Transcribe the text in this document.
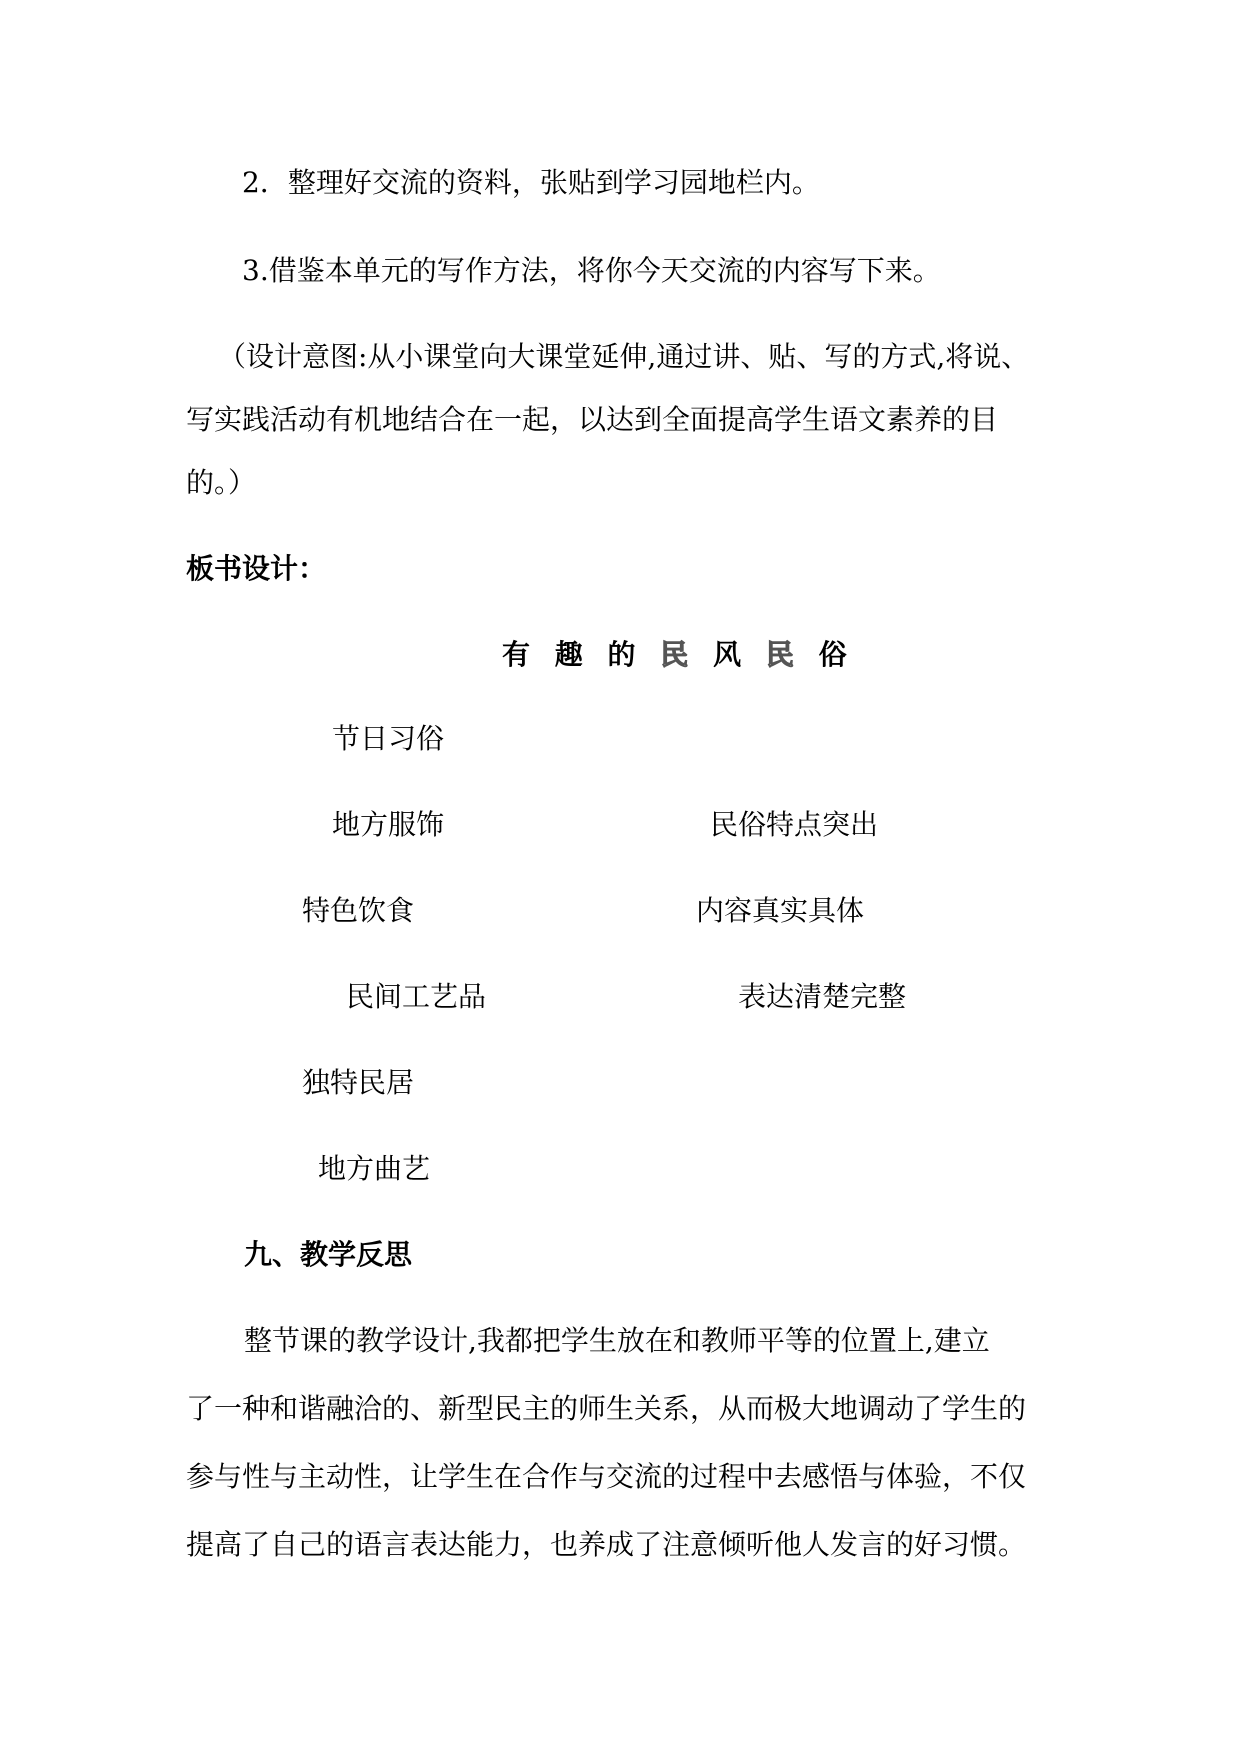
2．整理好交流的资料，张贴到学习园地栏内。

3.借鉴本单元的写作方法，将你今天交流的内容写下来。

（设计意图:从小课堂向大课堂延伸,通过讲、贴、写的方式,将说、

写实践活动有机地结合在一起，以达到全面提高学生语文素养的目

的。）

板书设计：

有 趣 的 民 风 民 俗

节日习俗

地方服饰

特色饮食

民间工艺品

独特民居

地方曲艺

民俗特点突出

内容真实具体

表达清楚完整

九、教学反思

整节课的教学设计,我都把学生放在和教师平等的位置上,建立

了一种和谐融洽的、新型民主的师生关系，从而极大地调动了学生的

参与性与主动性，让学生在合作与交流的过程中去感悟与体验，不仅

提高了自己的语言表达能力，也养成了注意倾听他人发言的好习惯。
